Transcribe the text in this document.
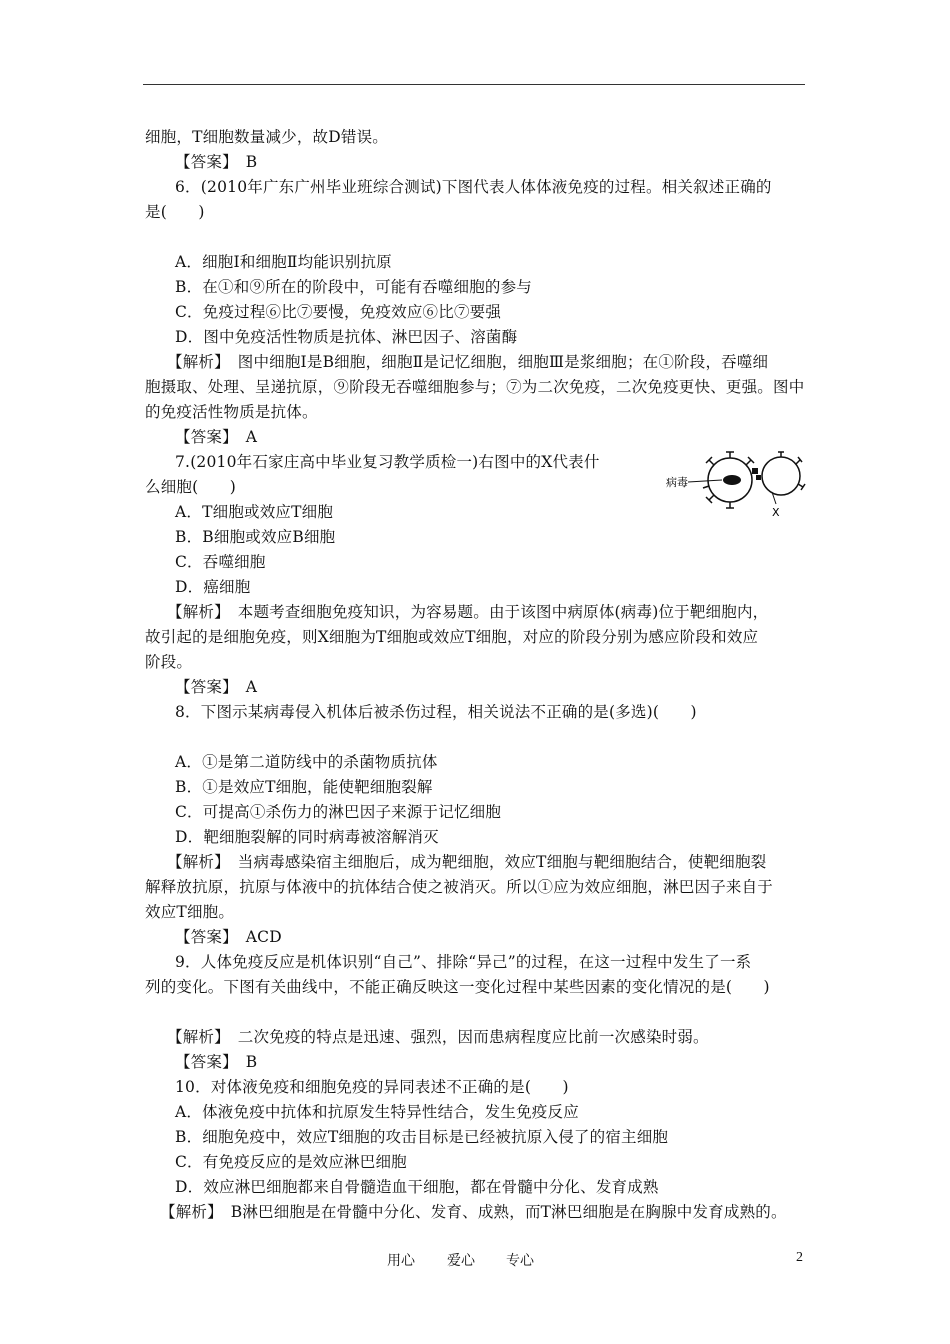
细胞，T细胞数量减少，故D错误。
【答案】　B
6．(2010年广东广州毕业班综合测试)下图代表人体体液免疫的过程。相关叙述正确的
是(　　)
A．细胞Ⅰ和细胞Ⅱ均能识别抗原
B．在①和⑨所在的阶段中，可能有吞噬细胞的参与
C．免疫过程⑥比⑦要慢，免疫效应⑥比⑦要强
D．图中免疫活性物质是抗体、淋巴因子、溶菌酶
【解析】　图中细胞Ⅰ是B细胞，细胞Ⅱ是记忆细胞，细胞Ⅲ是浆细胞；在①阶段，吞噬细
胞摄取、处理、呈递抗原，⑨阶段无吞噬细胞参与；⑦为二次免疫，二次免疫更快、更强。图中
的免疫活性物质是抗体。
【答案】　A
7.(2010年石家庄高中毕业复习教学质检一)右图中的X代表什
么细胞(　　)
A．T细胞或效应T细胞
B．B细胞或效应B细胞
C．吞噬细胞
D．癌细胞
【解析】　本题考查细胞免疫知识，为容易题。由于该图中病原体(病毒)位于靶细胞内，
故引起的是细胞免疫，则X细胞为T细胞或效应T细胞，对应的阶段分别为感应阶段和效应
阶段。
【答案】　A
8．下图示某病毒侵入机体后被杀伤过程，相关说法不正确的是(多选)(　　)
A．①是第二道防线中的杀菌物质抗体
B．①是效应T细胞，能使靶细胞裂解
C．可提高①杀伤力的淋巴因子来源于记忆细胞
D．靶细胞裂解的同时病毒被溶解消灭
【解析】　当病毒感染宿主细胞后，成为靶细胞，效应T细胞与靶细胞结合，使靶细胞裂
解释放抗原，抗原与体液中的抗体结合使之被消灭。所以①应为效应细胞，淋巴因子来自于
效应T细胞。
【答案】　ACD
9．人体免疫反应是机体识别“自己”、排除“异己”的过程，在这一过程中发生了一系
列的变化。下图有关曲线中，不能正确反映这一变化过程中某些因素的变化情况的是(　　)
【解析】　二次免疫的特点是迅速、强烈，因而患病程度应比前一次感染时弱。
【答案】　B
10．对体液免疫和细胞免疫的异同表述不正确的是(　　)
A．体液免疫中抗体和抗原发生特异性结合，发生免疫反应
B．细胞免疫中，效应T细胞的攻击目标是已经被抗原入侵了的宿主细胞
C．有免疫反应的是效应淋巴细胞
D．效应淋巴细胞都来自骨髓造血干细胞，都在骨髓中分化、发育成熟
【解析】　B淋巴细胞是在骨髓中分化、发育、成熟，而T淋巴细胞是在胸腺中发育成熟的。
病毒
X
用心 爱心 专心	2
